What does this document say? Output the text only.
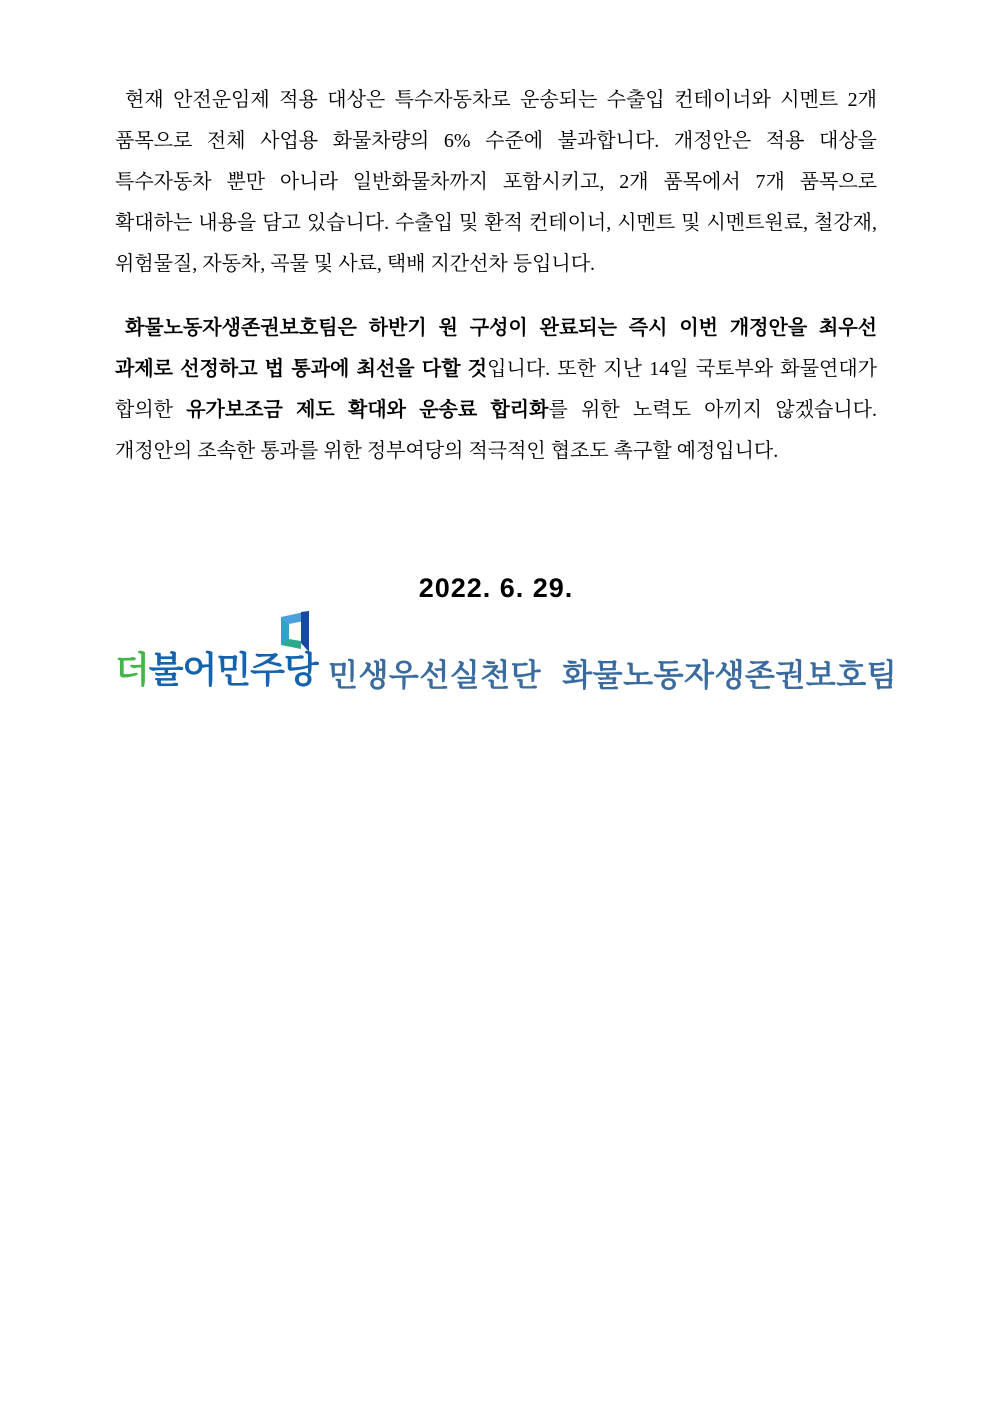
현재 안전운임제 적용 대상은 특수자동차로 운송되는 수출입 컨테이너와 시멘트 2개 품목으로 전체 사업용 화물차량의 6% 수준에 불과합니다. 개정안은 적용 대상을 특수자동차 뿐만 아니라 일반화물차까지 포함시키고, 2개 품목에서 7개 품목으로 확대하는 내용을 담고 있습니다. 수출입 및 환적 컨테이너, 시멘트 및 시멘트원료, 철강재, 위험물질, 자동차, 곡물 및 사료, 택배 지간선차 등입니다.

화물노동자생존권보호팀은 하반기 원 구성이 완료되는 즉시 이번 개정안을 최우선 과제로 선정하고 법 통과에 최선을 다할 것입니다. 또한 지난 14일 국토부와 화물연대가 합의한 유가보조금 제도 확대와 운송료 합리화를 위한 노력도 아끼지 않겠습니다. 개정안의 조속한 통과를 위한 정부여당의 적극적인 협조도 촉구할 예정입니다.

2022. 6. 29.
더불어민주당 민생우선실천단 화물노동자생존권보호팀
